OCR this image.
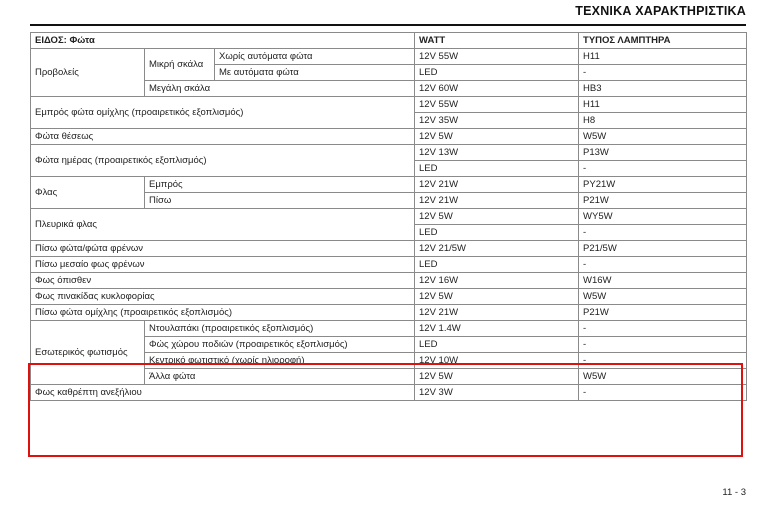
ΤΕΧΝΙΚΑ ΧΑΡΑΚΤΗΡΙΣΤΙΚΑ
ΕΙΔΟΣ: Φώτα			WATT	ΤΥΠΟΣ ΛΑΜΠΤΗΡΑ
Προβολείς	Μικρή σκάλα	Χωρίς αυτόματα φώτα	12V 55W	H11
		Με αυτόματα φώτα	LED	-
	Μεγάλη σκάλα		12V 60W	HB3
Εμπρός φώτα ομίχλης (προαιρετικός εξοπλισμός)			12V 55W	H11
			12V 35W	H8
Φώτα θέσεως			12V 5W	W5W
Φώτα ημέρας (προαιρετικός εξοπλισμός)			12V 13W	P13W
			LED	-
Φλας	Εμπρός		12V 21W	PY21W
	Πίσω		12V 21W	P21W
Πλευρικά φλας			12V 5W	WY5W
			LED	-
Πίσω φώτα/φώτα φρένων			12V 21/5W	P21/5W
Πίσω μεσαίο φως φρένων			LED	-
Φως όπισθεν			12V 16W	W16W
Φως πινακίδας κυκλοφορίας			12V 5W	W5W
Πίσω φώτα ομίχλης (προαιρετικός εξοπλισμός)			12V 21W	P21W
Εσωτερικός φωτισμός	Ντουλαπάκι (προαιρετικός εξοπλισμός)		12V 1.4W	-
	Φώς χώρου ποδιών (προαιρετικός εξοπλισμός)		LED	-
	Κεντρικό φωτιστικό (χωρίς ηλιοροφή)		12V 10W	-
	Άλλα φώτα		12V 5W	W5W
Φως καθρέπτη ανεξήλιου			12V 3W	-
11 - 3
